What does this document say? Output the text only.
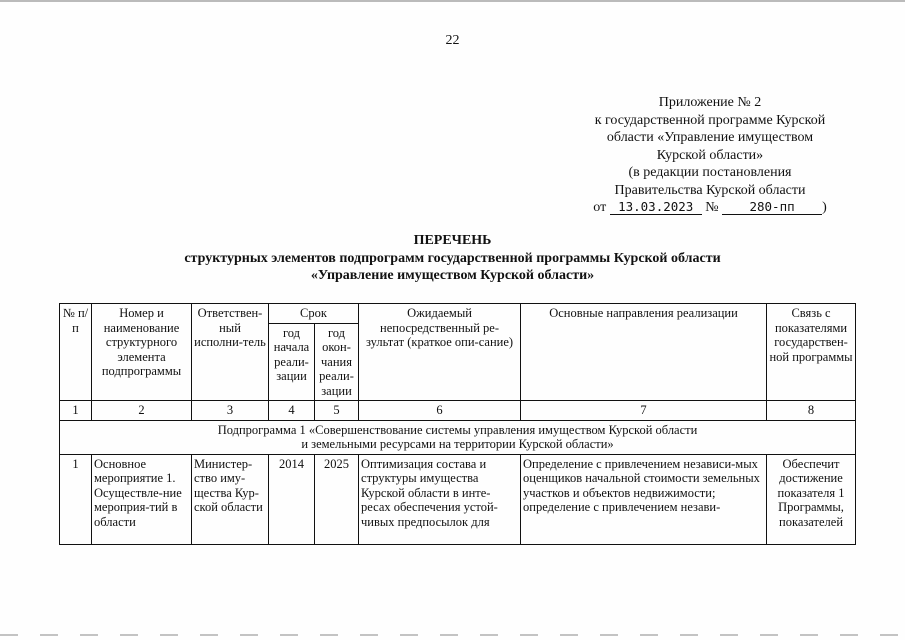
22
Приложение № 2
к государственной программе Курской
области «Управление имуществом
Курской области»
(в редакции постановления
Правительства Курской области
от 13.03.2023 № 280-пп )
ПЕРЕЧЕНЬ
структурных элементов подпрограмм государственной программы Курской области
«Управление имуществом Курской области»
№ п/п	Номер и наименование структурного элемента подпрограммы	Ответствен-ный исполни-тель	Срок		Ожидаемый непосредственный ре-зультат (краткое опи-сание)	Основные направления реализации	Связь с показателями государствен-ной программы
			год начала реали-зации	год окон-чания реали-зации			
1	2	3	4	5	6	7	8

Подпрограмма 1 «Совершенствование системы управления имуществом Курской области
и земельными ресурсами на территории Курской области»							

1	Основное мероприятие 1. Осуществле-ние мероприя-тий в области	Министер-ство иму-щества Кур-ской области	2014	2025	Оптимизация состава и структуры имущества Курской области в инте-ресах обеспечения устой-чивых предпосылок для	Определение с привлечением независи-мых оценщиков начальной стоимости земельных участков и объектов недвижимости; определение с привлечением незави-	Обеспечит достижение показателя 1 Программы, показателей
